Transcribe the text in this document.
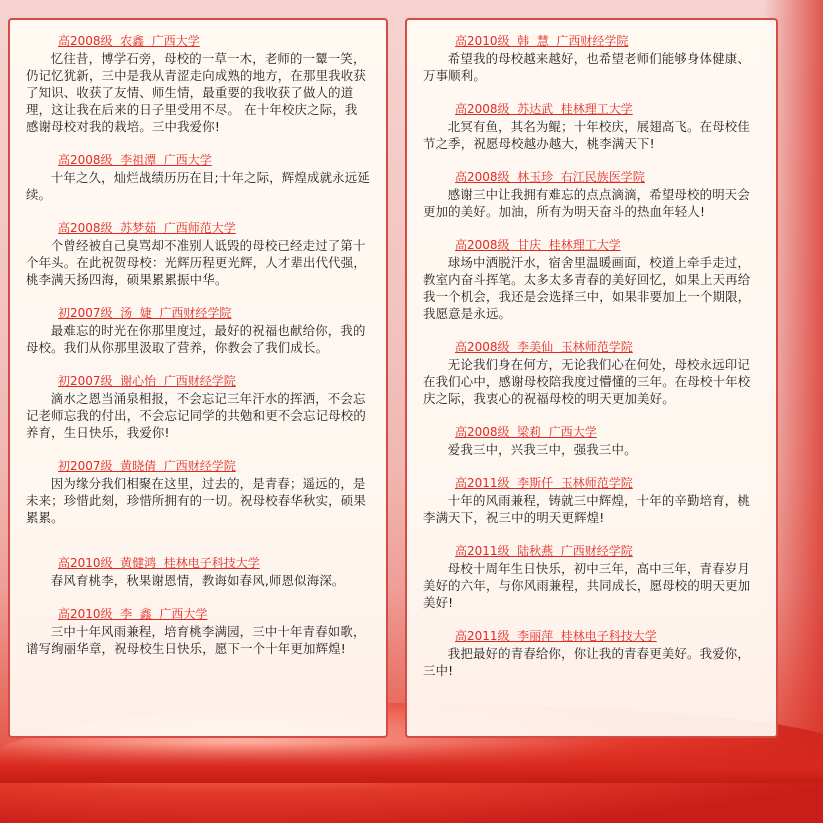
高2008级  农鑫  广西大学

忆往昔，博学石旁，母校的一草一木，老师的一颦一笑，仍记忆犹新，三中是我从青涩走向成熟的地方，在那里我收获了知识、收获了友情、师生情，最重要的我收获了做人的道理，这让我在后来的日子里受用不尽。 在十年校庆之际，我感谢母校对我的栽培。三中我爱你!

高2008级  李祖潭  广西大学

十年之久，灿烂战绩历历在目;十年之际，辉煌成就永远延续。

高2008级  苏梦茹  广西师范大学

个曾经被自己臭骂却不准别人诋毁的母校已经走过了第十个年头。在此祝贺母校：光辉历程更光辉，人才辈出代代强，桃李满天扬四海，硕果累累振中华。

初2007级  汤  婕  广西财经学院

最难忘的时光在你那里度过，最好的祝福也献给你，我的母校。我们从你那里汲取了营养，你教会了我们成长。

初2007级  谢心怡  广西财经学院

滴水之恩当涌泉相报，不会忘记三年汗水的挥洒，不会忘记老师忘我的付出，不会忘记同学的共勉和更不会忘记母校的养育，生日快乐，我爱你!

初2007级  黄晓倩  广西财经学院

因为缘分我们相聚在这里，过去的，是青春；遥远的，是未来；珍惜此刻，珍惜所拥有的一切。祝母校春华秋实，硕果累累。

高2010级  黄健鸿  桂林电子科技大学

春风育桃李，秋果谢恩情，教诲如春风,师恩似海深。

高2010级  李  鑫  广西大学

三中十年风雨兼程，培育桃李满园，三中十年青春如歌，谱写绚丽华章，祝母校生日快乐，愿下一个十年更加辉煌!

高2010级  韩  慧  广西财经学院

希望我的母校越来越好，也希望老师们能够身体健康、万事顺利。

高2008级  苏达武  桂林理工大学

北冥有鱼，其名为鲲；十年校庆，展翅高飞。在母校佳节之季，祝愿母校越办越大，桃李满天下!

高2008级  林玉珍  右江民族医学院

感谢三中让我拥有难忘的点点滴滴，希望母校的明天会更加的美好。加油，所有为明天奋斗的热血年轻人!

高2008级  甘庆  桂林理工大学

球场中洒脱汗水，宿舍里温暖画面，校道上牵手走过，教室内奋斗挥笔。太多太多青春的美好回忆，如果上天再给我一个机会，我还是会选择三中，如果非要加上一个期限，我愿意是永远。

高2008级  李美仙  玉林师范学院

无论我们身在何方，无论我们心在何处，母校永远印记在我们心中，感谢母校陪我度过懵懂的三年。在母校十年校庆之际，我衷心的祝福母校的明天更加美好。

高2008级  梁莉  广西大学

爱我三中，兴我三中，强我三中。

高2011级  李斯仟  玉林师范学院

十年的风雨兼程，铸就三中辉煌，十年的辛勤培育，桃李满天下，祝三中的明天更辉煌!

高2011级  陆秋燕  广西财经学院

母校十周年生日快乐，初中三年，高中三年，青春岁月美好的六年，与你风雨兼程，共同成长，愿母校的明天更加美好!

高2011级  李丽萍  桂林电子科技大学

我把最好的青春给你，你让我的青春更美好。我爱你，三中!
